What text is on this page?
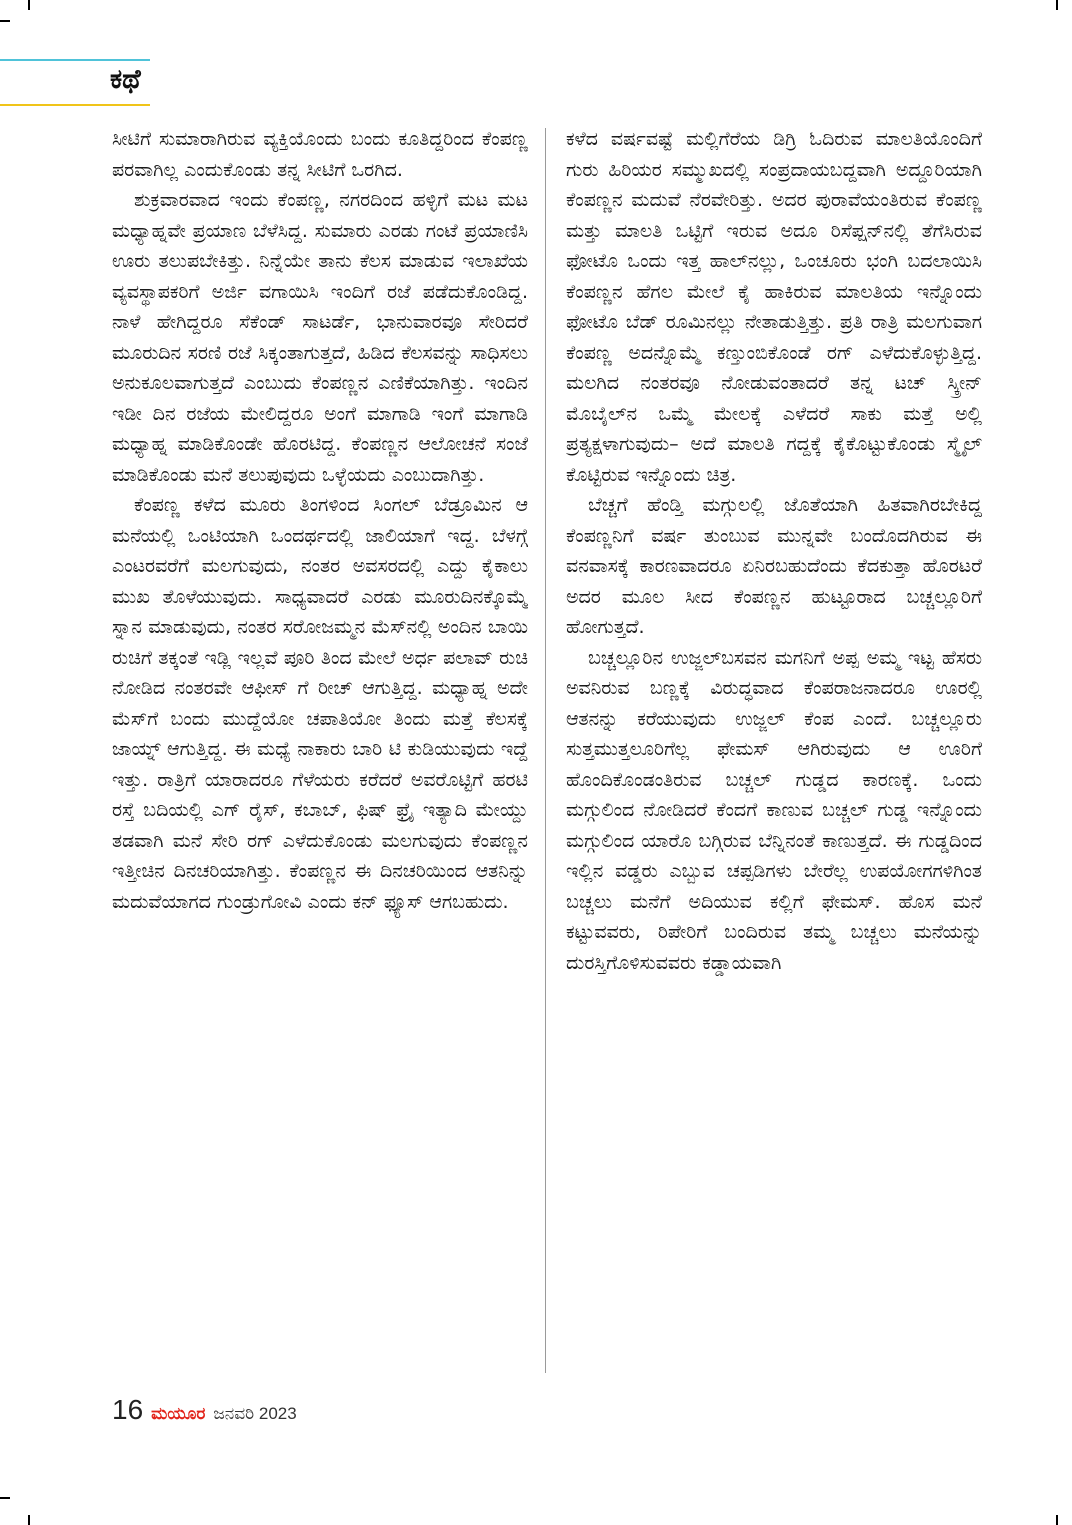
ಕಥೆ

ಸೀಟಿಗೆ ಸುಮಾರಾಗಿರುವ ವ್ಯಕ್ತಿಯೊಂದು ಬಂದು ಕೂತಿದ್ದರಿಂದ ಕೆಂಪಣ್ಣ ಪರವಾಗಿಲ್ಲ ಎಂದುಕೊಂಡು ತನ್ನ ಸೀಟಿಗೆ ಒರಗಿದ.

ಶುಕ್ರವಾರವಾದ ಇಂದು ಕೆಂಪಣ್ಣ, ನಗರದಿಂದ ಹಳ್ಳಿಗೆ ಮಟ ಮಟ ಮಧ್ಯಾಹ್ನವೇ ಪ್ರಯಾಣ ಬೆಳೆಸಿದ್ದ. ಸುಮಾರು ಎರಡು ಗಂಟೆ ಪ್ರಯಾಣಿಸಿ ಊರು ತಲುಪಬೇಕಿತ್ತು. ನಿನ್ನೆಯೇ ತಾನು ಕೆಲಸ ಮಾಡುವ ಇಲಾಖೆಯ ವ್ಯವಸ್ಥಾಪಕರಿಗೆ ಅರ್ಜಿ ವಗಾಯಿಸಿ ಇಂದಿಗೆ ರಜೆ ಪಡೆದುಕೊಂಡಿದ್ದ. ನಾಳೆ ಹೇಗಿದ್ದರೂ ಸೆಕೆಂಡ್ ಸಾಟರ್ಡೆ, ಭಾನುವಾರವೂ ಸೇರಿದರೆ ಮೂರುದಿನ ಸರಣಿ ರಜೆ ಸಿಕ್ಕಂತಾಗುತ್ತದೆ, ಹಿಡಿದ ಕೆಲಸವನ್ನು ಸಾಧಿಸಲು ಅನುಕೂಲವಾಗುತ್ತದೆ ಎಂಬುದು ಕೆಂಪಣ್ಣನ ಎಣಿಕೆಯಾಗಿತ್ತು. ಇಂದಿನ ಇಡೀ ದಿನ ರಜೆಯ ಮೇಲಿದ್ದರೂ ಅಂಗೆ ಮಾಗಾಡಿ ಇಂಗೆ ಮಾಗಾಡಿ ಮಧ್ಯಾಹ್ನ ಮಾಡಿಕೊಂಡೇ ಹೊರಟಿದ್ದ. ಕೆಂಪಣ್ಣನ ಆಲೋಚನೆ ಸಂಜೆ ಮಾಡಿಕೊಂಡು ಮನೆ ತಲುಪುವುದು ಒಳ್ಳೆಯದು ಎಂಬುದಾಗಿತ್ತು.

ಕೆಂಪಣ್ಣ ಕಳೆದ ಮೂರು ತಿಂಗಳಿಂದ ಸಿಂಗಲ್ ಬೆಡ್ರೂಮಿನ ಆ ಮನೆಯಲ್ಲಿ ಒಂಟಿಯಾಗಿ ಒಂದರ್ಥದಲ್ಲಿ ಜಾಲಿಯಾಗೆ ಇದ್ದ. ಬೆಳಗ್ಗೆ ಎಂಟರವರೆಗೆ ಮಲಗುವುದು, ನಂತರ ಅವಸರದಲ್ಲಿ ಎದ್ದು ಕೈಕಾಲು ಮುಖ ತೊಳೆಯುವುದು. ಸಾಧ್ಯವಾದರೆ ಎರಡು ಮೂರುದಿನಕ್ಕೊಮ್ಮೆ ಸ್ನಾನ ಮಾಡುವುದು, ನಂತರ ಸರೋಜಮ್ಮನ ಮೆಸ್‌ನಲ್ಲಿ ಅಂದಿನ ಬಾಯಿ ರುಚಿಗೆ ತಕ್ಕಂತೆ ಇಡ್ಲಿ ಇಲ್ಲವೆ ಪೂರಿ ತಿಂದ ಮೇಲೆ ಅರ್ಧ ಪಲಾವ್ ರುಚಿ ನೋಡಿದ ನಂತರವೇ ಆಫೀಸ್ ಗೆ ರೀಚ್ ಆಗುತ್ತಿದ್ದ. ಮಧ್ಯಾಹ್ನ ಅದೇ ಮೆಸ್‌ಗೆ ಬಂದು ಮುದ್ದೆಯೋ ಚಪಾತಿಯೋ ತಿಂದು ಮತ್ತೆ ಕೆಲಸಕ್ಕೆ ಜಾಯ್ನ್ ಆಗುತ್ತಿದ್ದ. ಈ ಮಧ್ಯೆ ನಾಕಾರು ಬಾರಿ ಟಿ ಕುಡಿಯುವುದು ಇದ್ದೆ ಇತ್ತು. ರಾತ್ರಿಗೆ ಯಾರಾದರೂ ಗೆಳೆಯರು ಕರೆದರೆ ಅವರೊಟ್ಟಿಗೆ ಹರಟಿ ರಸ್ತೆ ಬದಿಯಲ್ಲಿ ಎಗ್ ರೈಸ್, ಕಬಾಬ್, ಫಿಷ್ ಫ್ರೈ ಇತ್ಯಾದಿ ಮೇಯ್ದು ತಡವಾಗಿ ಮನೆ ಸೇರಿ ರಗ್ ಎಳೆದುಕೊಂಡು ಮಲಗುವುದು ಕೆಂಪಣ್ಣನ ಇತ್ತೀಚಿನ ದಿನಚರಿಯಾಗಿತ್ತು. ಕೆಂಪಣ್ಣನ ಈ ದಿನಚರಿಯಿಂದ ಆತನಿನ್ನು ಮದುವೆಯಾಗದ ಗುಂಡ್ರುಗೋವಿ ಎಂದು ಕನ್ ಫ್ಯೂಸ್ ಆಗಬಹುದು.

ಕಳೆದ ವರ್ಷವಷ್ಟೆ ಮಲ್ಲಿಗೆರೆಯ ಡಿಗ್ರಿ ಓದಿರುವ ಮಾಲತಿಯೊಂದಿಗೆ ಗುರು ಹಿರಿಯರ ಸಮ್ಮುಖದಲ್ಲಿ ಸಂಪ್ರದಾಯಬದ್ದವಾಗಿ ಅದ್ದೂರಿಯಾಗಿ ಕೆಂಪಣ್ಣನ ಮದುವೆ ನೆರವೇರಿತ್ತು. ಅದರ ಪುರಾವೆಯಂತಿರುವ ಕೆಂಪಣ್ಣ ಮತ್ತು ಮಾಲತಿ ಒಟ್ಟಿಗೆ ಇರುವ ಅದೂ ರಿಸೆಪ್ಷನ್‌ನಲ್ಲಿ ತೆಗೆಸಿರುವ ಫೋಟೊ ಒಂದು ಇತ್ತ ಹಾಲ್‌ನಲ್ಲು, ಒಂಚೂರು ಭಂಗಿ ಬದಲಾಯಿಸಿ ಕೆಂಪಣ್ಣನ ಹೆಗಲ ಮೇಲೆ ಕೈ ಹಾಕಿರುವ ಮಾಲತಿಯ ಇನ್ನೊಂದು ಫೋಟೊ ಬೆಡ್ ರೂಮಿನಲ್ಲು ನೇತಾಡುತ್ತಿತ್ತು. ಪ್ರತಿ ರಾತ್ರಿ ಮಲಗುವಾಗ ಕೆಂಪಣ್ಣ ಅದನ್ನೊಮ್ಮೆ ಕಣ್ತುಂಬಿಕೊಂಡೆ ರಗ್ ಎಳೆದುಕೊಳ್ಳುತ್ತಿದ್ದ. ಮಲಗಿದ ನಂತರವೂ ನೋಡುವಂತಾದರೆ ತನ್ನ ಟಚ್ ಸ್ಕ್ರೀನ್ ಮೊಬೈಲ್‌ನ ಒಮ್ಮೆ ಮೇಲಕ್ಕೆ ಎಳೆದರೆ ಸಾಕು ಮತ್ತೆ ಅಲ್ಲಿ ಪ್ರತ್ಯಕ್ಷಳಾಗುವುದು– ಅದೆ ಮಾಲತಿ ಗದ್ದಕ್ಕೆ ಕೈಕೊಟ್ಟುಕೊಂಡು ಸ್ಮೈಲ್ ಕೊಟ್ಟಿರುವ ಇನ್ನೊಂದು ಚಿತ್ರ.

ಬೆಚ್ಚಗೆ ಹೆಂಡ್ತಿ ಮಗ್ಗುಲಲ್ಲಿ ಜೊತೆಯಾಗಿ ಹಿತವಾಗಿರಬೇಕಿದ್ದ ಕೆಂಪಣ್ಣನಿಗೆ ವರ್ಷ ತುಂಬುವ ಮುನ್ನವೇ ಬಂದೊದಗಿರುವ ಈ ವನವಾಸಕ್ಕೆ ಕಾರಣವಾದರೂ ಏನಿರಬಹುದೆಂದು ಕೆದಕುತ್ತಾ ಹೊರಟರೆ ಅದರ ಮೂಲ ಸೀದ ಕೆಂಪಣ್ಣನ ಹುಟ್ಟೂರಾದ ಬಚ್ಚಲ್ಲೂರಿಗೆ ಹೋಗುತ್ತದೆ.

ಬಚ್ಚಲ್ಲೂರಿನ ಉಜ್ಜಲ್‌ಬಸವನ ಮಗನಿಗೆ ಅಪ್ಪ ಅಮ್ಮ ಇಟ್ಟ ಹೆಸರು ಅವನಿರುವ ಬಣ್ಣಕ್ಕೆ ವಿರುದ್ಧವಾದ ಕೆಂಪರಾಜನಾದರೂ ಊರಲ್ಲಿ ಆತನನ್ನು ಕರೆಯುವುದು ಉಜ್ಜಲ್ ಕೆಂಪ ಎಂದೆ. ಬಚ್ಚಲ್ಲೂರು ಸುತ್ತಮುತ್ತಲೂರಿಗೆಲ್ಲ ಫೇಮಸ್ ಆಗಿರುವುದು ಆ ಊರಿಗೆ ಹೊಂದಿಕೊಂಡಂತಿರುವ ಬಚ್ಚಲ್ ಗುಡ್ಡದ ಕಾರಣಕ್ಕೆ. ಒಂದು ಮಗ್ಗುಲಿಂದ ನೋಡಿದರೆ ಕೆಂದಗೆ ಕಾಣುವ ಬಚ್ಚಲ್ ಗುಡ್ಡ ಇನ್ನೊಂದು ಮಗ್ಗುಲಿಂದ ಯಾರೊ ಬಗ್ಗಿರುವ ಬೆನ್ನಿನಂತೆ ಕಾಣುತ್ತದೆ. ಈ ಗುಡ್ಡದಿಂದ ಇಲ್ಲಿನ ವಡ್ಡರು ಎಬ್ಬುವ ಚಪ್ಪಡಿಗಳು ಬೇರೆಲ್ಲ ಉಪಯೋಗಗಳಿಗಿಂತ ಬಚ್ಚಲು ಮನೆಗೆ ಅದಿಯುವ ಕಲ್ಲಿಗೆ ಫೇಮಸ್. ಹೊಸ ಮನೆ ಕಟ್ಟುವವರು, ರಿಪೇರಿಗೆ ಬಂದಿರುವ ತಮ್ಮ ಬಚ್ಚಲು ಮನೆಯನ್ನು ದುರಸ್ತಿಗೊಳಿಸುವವರು ಕಡ್ಡಾಯವಾಗಿ

16 ಮಯೂರ ಜನವರಿ 2023
